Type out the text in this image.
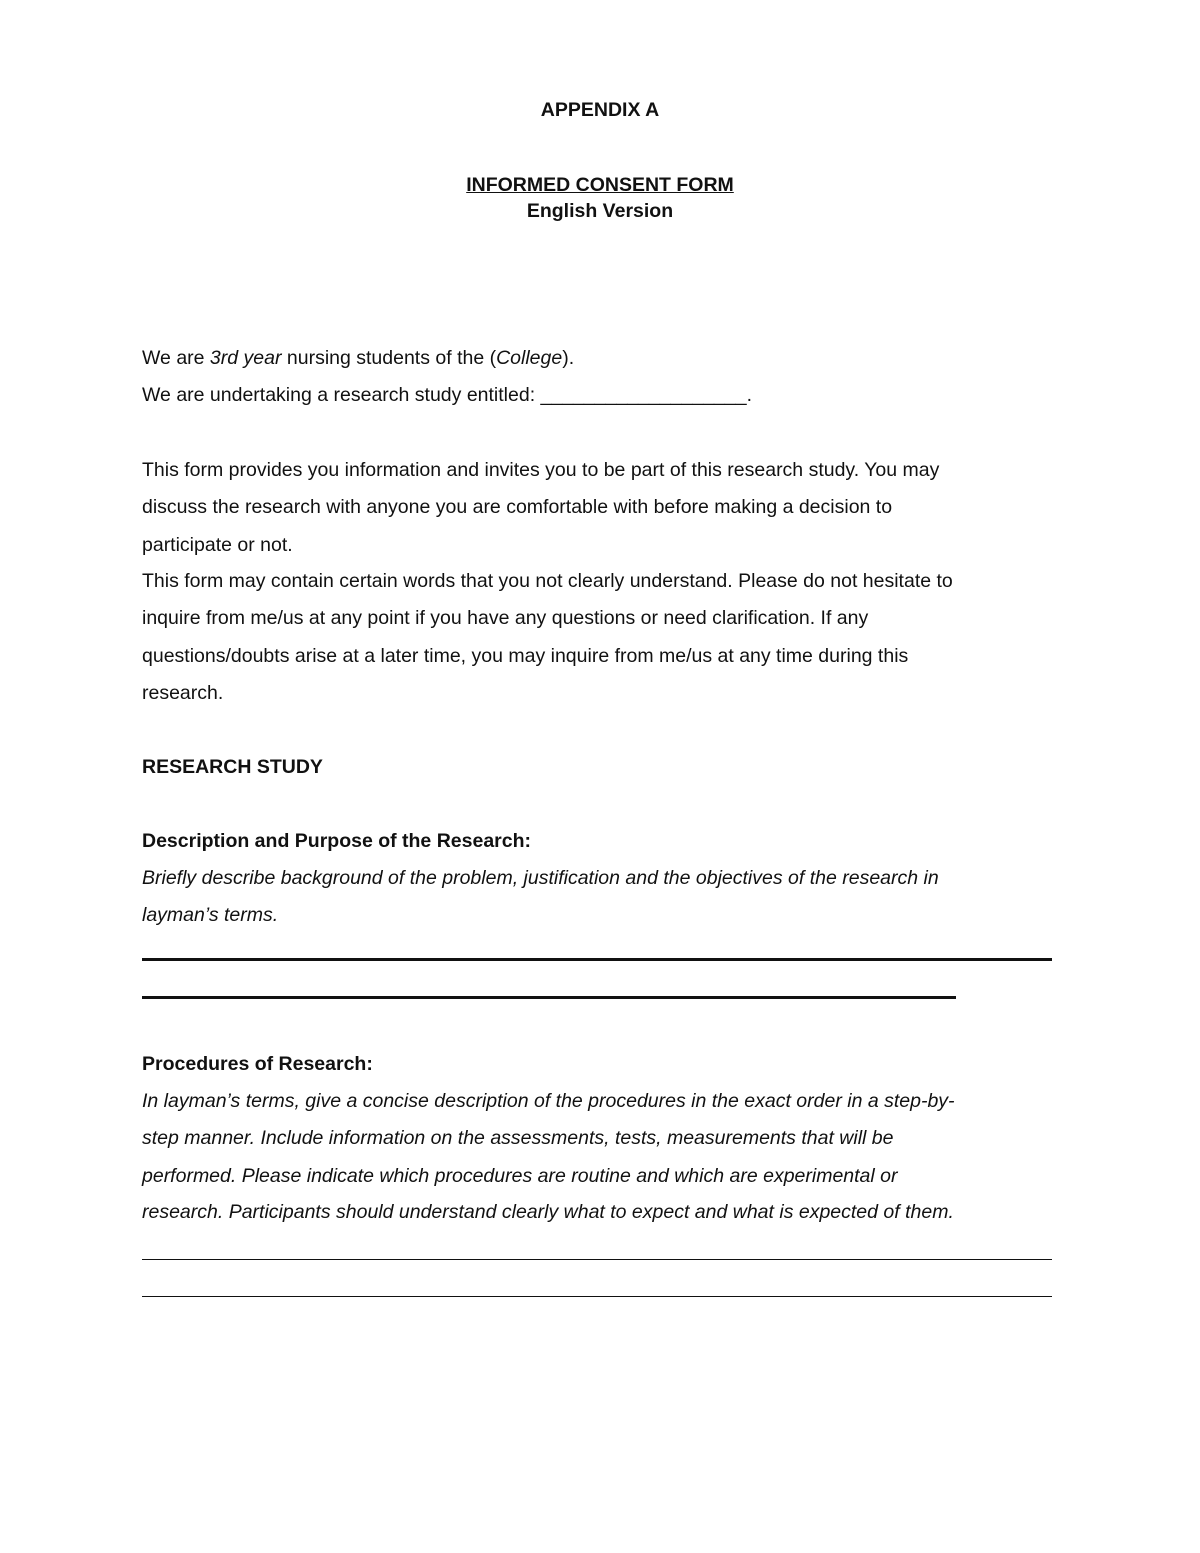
APPENDIX A
INFORMED CONSENT FORM
English Version
We are 3rd year nursing students of the (College).
We are undertaking a research study entitled: ___________________.
This form provides you information and invites you to be part of this research study. You may
discuss the research with anyone you are comfortable with before making a decision to
participate or not.
This form may contain certain words that you not clearly understand. Please do not hesitate to
inquire from me/us at any point if you have any questions or need clarification. If any
questions/doubts arise at a later time, you may inquire from me/us at any time during this
research.
RESEARCH STUDY
Description and Purpose of the Research:
Briefly describe background of the problem, justification and the objectives of the research in
layman’s terms.
Procedures of Research:
In layman’s terms, give a concise description of the procedures in the exact order in a step-by-
step manner. Include information on the assessments, tests, measurements that will be
performed. Please indicate which procedures are routine and which are experimental or
research. Participants should understand clearly what to expect and what is expected of them.
